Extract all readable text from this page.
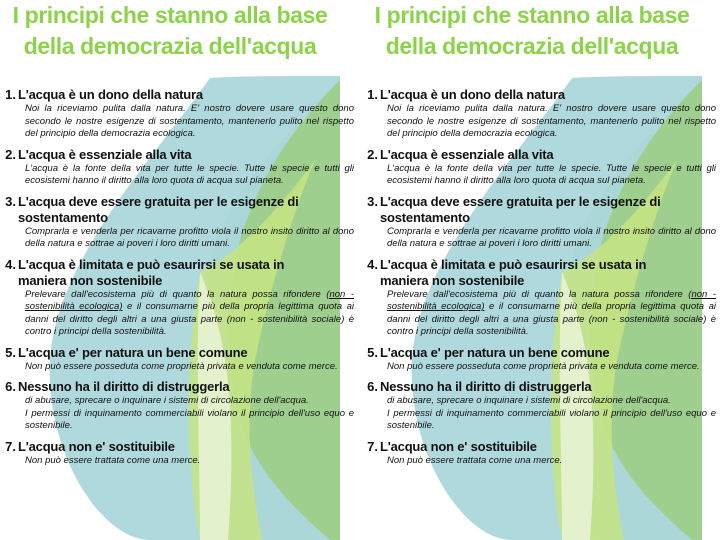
I principi che stanno alla base
della democrazia dell'acqua
1. L'acqua è un dono della natura

Noi la riceviamo pulita dalla natura. E' nostro dovere usare questo dono secondo le nostre esigenze di sostentamento, mantenerlo pulito nel rispetto del principio della democrazia ecologica.

2. L'acqua è essenziale alla vita

L'acqua è la fonte della vita per tutte le specie. Tutte le specie e tutti gli ecosistemi hanno il diritto alla loro quota di acqua sul pianeta.

3. L'acqua deve essere gratuita per le esigenze di sostentamento

Comprarla e venderla per ricavarne profitto viola il nostro insito diritto al dono della natura e sottrae ai poveri i loro diritti umani.

4. L'acqua è limitata e può esaurirsi se usata in maniera non sostenibile

Prelevare dall'ecosistema più di quanto la natura possa rifondere (non - sostenibilità ecologica) e il consumarne più della propria legittima quota ai danni del diritto degli altri a una giusta parte (non - sostenibilità sociale) è contro i principi della sostenibilità.

5. L'acqua e' per natura un bene comune

Non può essere posseduta come proprietà privata e venduta come merce.

6. Nessuno ha il diritto di distruggerla

di abusare, sprecare o inquinare i sistemi di circolazione dell'acqua.

I permessi di inquinamento commerciabili violano il principio dell'uso equo e sostenibile.

7. L'acqua non e' sostituibile

Non può essere trattata come una merce.

I principi che stanno alla base
della democrazia dell'acqua
1. L'acqua è un dono della natura

Noi la riceviamo pulita dalla natura. E' nostro dovere usare questo dono secondo le nostre esigenze di sostentamento, mantenerlo pulito nel rispetto del principio della democrazia ecologica.

2. L'acqua è essenziale alla vita

L'acqua è la fonte della vita per tutte le specie. Tutte le specie e tutti gli ecosistemi hanno il diritto alla loro quota di acqua sul pianeta.

3. L'acqua deve essere gratuita per le esigenze di sostentamento

Comprarla e venderla per ricavarne profitto viola il nostro insito diritto al dono della natura e sottrae ai poveri i loro diritti umani.

4. L'acqua è limitata e può esaurirsi se usata in maniera non sostenibile

Prelevare dall'ecosistema più di quanto la natura possa rifondere (non - sostenibilità ecologica) e il consumarne più della propria legittima quota ai danni del diritto degli altri a una giusta parte (non - sostenibilità sociale) è contro i principi della sostenibilità.

5. L'acqua e' per natura un bene comune

Non può essere posseduta come proprietà privata e venduta come merce.

6. Nessuno ha il diritto di distruggerla

di abusare, sprecare o inquinare i sistemi di circolazione dell'acqua.

I permessi di inquinamento commerciabili violano il principio dell'uso equo e sostenibile.

7. L'acqua non e' sostituibile

Non può essere trattata come una merce.
